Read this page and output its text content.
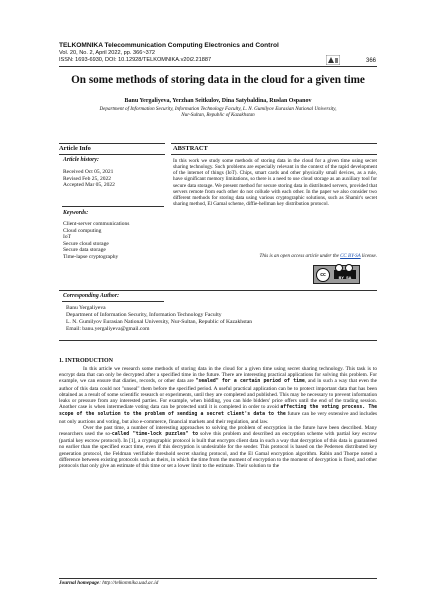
TELKOMNIKA Telecommunication Computing Electronics and Control
Vol. 20, No. 2, April 2022, pp. 366~372
ISSN: 1693-6930, DOI: 10.12928/TELKOMNIKA.v20i2.21887	366
On some methods of storing data in the cloud for a given time
Banu Yergaliyeva, Yerzhan Seitkulov, Dina Satybaldina, Ruslan Ospanov
Department of Information Security, Information Technology Faculty, L. N. Gumilyov Eurasian National University,
Nur-Sultan, Republic of Kazakhstan
Article Info
Article history:
Received Oct 05, 2021
Revised Feb 25, 2022
Accepted Mar 05, 2022
Keywords:
Client-server communications
Cloud computing
IoT
Secure cloud storage
Secure data storage
Time-lapse cryptography
ABSTRACT
In this work we study some methods of storing data in the cloud for a given time using secret sharing technology. Such problems are especially relevant in the context of the rapid development of the internet of things (IoT). Chips, smart cards and other physically small devices, as a rule, have significant memory limitations, so there is a need to use cloud storage as an auxiliary tool for secure data storage. We present method for secure storing data in distributed servers, provided that servers remote from each other do not collude with each other. In the paper we also consider two different methods for storing data using various cryptographic solutions, such as Shamir's secret sharing method, El Gamal scheme, diffie-hellman key distribution protocol.
This is an open access article under the CC BY-SA license.
cc	BY SA
Corresponding Author:
Banu Yergaliyeva
Department of Information Security, Information Technology Faculty
L. N. Gumilyov Eurasian National University, Nur-Sultan, Republic of Kazakhstan
Email: banu.yergaliyeva@gmail.com
1. INTRODUCTION

In this article we research some methods of storing data in the cloud for a given time using secret sharing technology. This task is to encrypt data that can only be decrypted after a specified time in the future. There are interesting practical applications for solving this problem. For example, we can ensure that diaries, records, or other data are "sealed" for a certain period of time, and in such a way that even the author of this data could not "unseal" them before the specified period. A useful practical application can be to protect important data that has been obtained as a result of some scientific research or experiments, until they are completed and published. This may be necessary to prevent information leaks or pressure from any interested parties. For example, when bidding, you can hide bidders' price offers until the end of the trading session. Another case is when intermediate voting data can be protected until it is completed in order to avoid affecting the voting process. The scope of the solution to the problem of sending a secret client's data to the future can be very extensive and includes not only auctions and voting, but also e-commerce, financial markets and their regulation, and law.

Over the past time, a number of interesting approaches to solving the problem of encryption in the future have been described. Many researchers used the so-called "time-lock puzzles" to solve this problem and described an encryption scheme with partial key escrow (partial key escrow protocol). In [1], a cryptographic protocol is built that encrypts client data in such a way that decryption of this data is guaranteed no earlier than the specified exact time, even if this decryption is undesirable for the sender. This protocol is based on the Pedersen distributed key generation protocol, the Feldman verifiable threshold secret sharing protocol, and the El Gamal encryption algorithm. Rabin and Thorpe noted a difference between existing protocols such as theirs, in which the time from the moment of encryption to the moment of decryption is fixed, and other protocols that only give an estimate of this time or set a lower limit to the estimate. Their solution to the

Journal homepage: http://telkomnika.uad.ac.id
